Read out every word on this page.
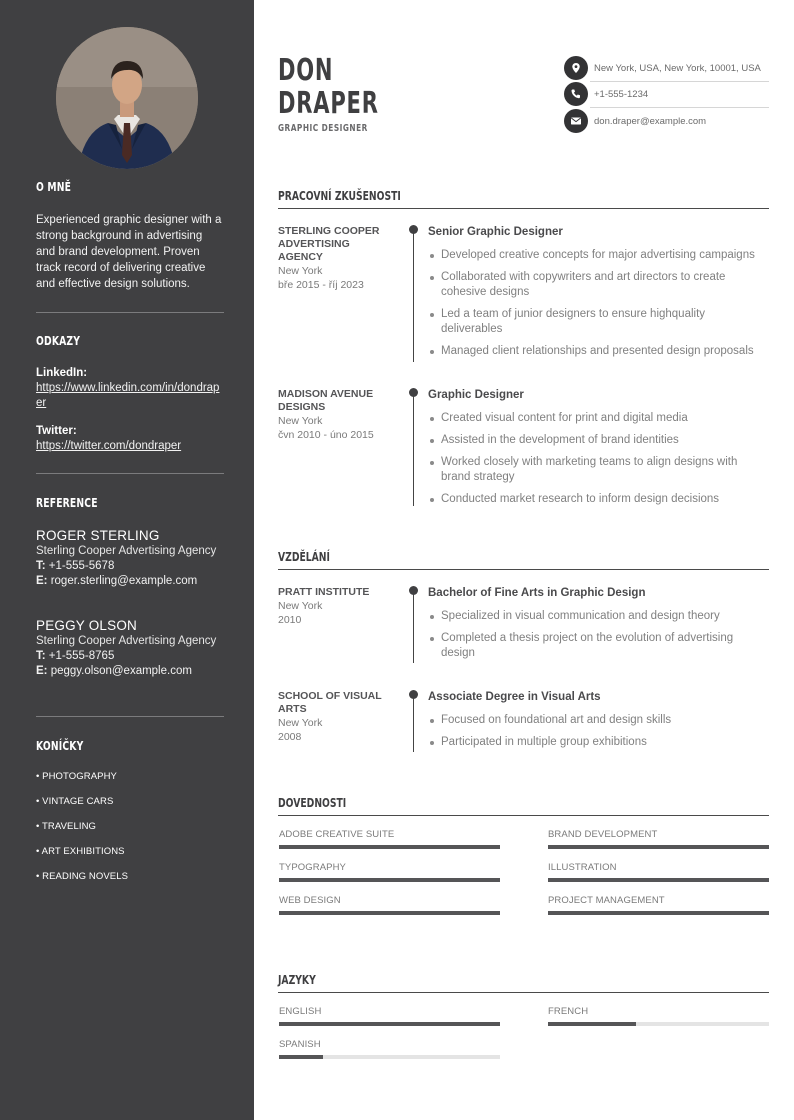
O MNĚ
Experienced graphic designer with a strong background in advertising and brand development. Proven track record of delivering creative and effective design solutions.
ODKAZY
LinkedIn:
https://www.linkedin.com/in/dondraper
Twitter:
https://twitter.com/dondraper
REFERENCE
ROGER STERLING
Sterling Cooper Advertising Agency
T: +1-555-5678
E: roger.sterling@example.com
PEGGY OLSON
Sterling Cooper Advertising Agency
T: +1-555-8765
E: peggy.olson@example.com
KONÍČKY
• PHOTOGRAPHY
• VINTAGE CARS
• TRAVELING
• ART EXHIBITIONS
• READING NOVELS
DON
DRAPER
GRAPHIC DESIGNER
New York, USA, New York, 10001, USA
+1-555-1234
don.draper@example.com
PRACOVNÍ ZKUŠENOSTI
STERLING COOPER ADVERTISING AGENCY
New York
bře 2015 - říj 2023
Senior Graphic Designer
Developed creative concepts for major advertising campaigns
Collaborated with copywriters and art directors to create cohesive designs
Led a team of junior designers to ensure highquality deliverables
Managed client relationships and presented design proposals
MADISON AVENUE DESIGNS
New York
čvn 2010 - úno 2015
Graphic Designer
Created visual content for print and digital media
Assisted in the development of brand identities
Worked closely with marketing teams to align designs with brand strategy
Conducted market research to inform design decisions
VZDĚLÁNÍ
PRATT INSTITUTE
New York
2010
Bachelor of Fine Arts in Graphic Design
Specialized in visual communication and design theory
Completed a thesis project on the evolution of advertising design
SCHOOL OF VISUAL ARTS
New York
2008
Associate Degree in Visual Arts
Focused on foundational art and design skills
Participated in multiple group exhibitions
DOVEDNOSTI
ADOBE CREATIVE SUITE	BRAND DEVELOPMENT
TYPOGRAPHY	ILLUSTRATION
WEB DESIGN	PROJECT MANAGEMENT
JAZYKY
ENGLISH	FRENCH
SPANISH
